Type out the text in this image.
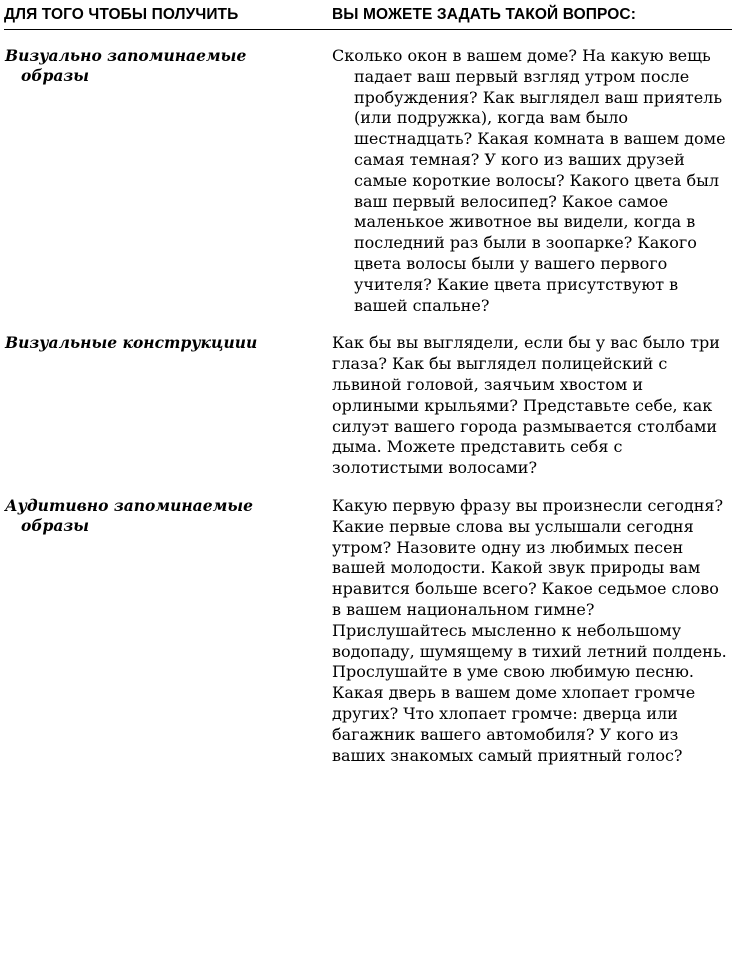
ДЛЯ ТОГО ЧТОБЫ ПОЛУЧИТЬ	ВЫ МОЖЕТЕ ЗАДАТЬ ТАКОЙ ВОПРОС:

Визуально запоминаемые
образы	Сколько окон в вашем доме? На какую вещь падает ваш первый взгляд утром после пробуждения? Как выглядел ваш приятель (или подружка), когда вам было шестнадцать? Какая комната в вашем доме самая темная? У кого из ваших друзей самые короткие волосы? Какого цвета был ваш первый велосипед? Какое самое маленькое животное вы видели, когда в последний раз были в зоопарке? Какого цвета волосы были у вашего первого учителя? Какие цвета присутствуют в вашей спальне?

Визуальные конструкциии	Как бы вы выглядели, если бы у вас было три глаза? Как бы выглядел полицейский с львиной головой, заячьим хвостом и орлиными крыльями? Представьте себе, как силуэт вашего города размывается столбами дыма. Можете представить себя с золотистыми волосами?

Аудитивно запоминаемые
образы	Какую первую фразу вы произнесли сегодня? Какие первые слова вы услышали сегодня утром? Назовите одну из любимых песен вашей молодости. Какой звук природы вам нравится больше всего? Какое седьмое слово в вашем национальном гимне? Прислушайтесь мысленно к небольшому водопаду, шумящему в тихий летний полдень. Прослушайте в уме свою любимую песню. Какая дверь в вашем доме хлопает громче других? Что хлопает громче: дверца или багажник вашего автомобиля? У кого из ваших знакомых самый приятный голос?
